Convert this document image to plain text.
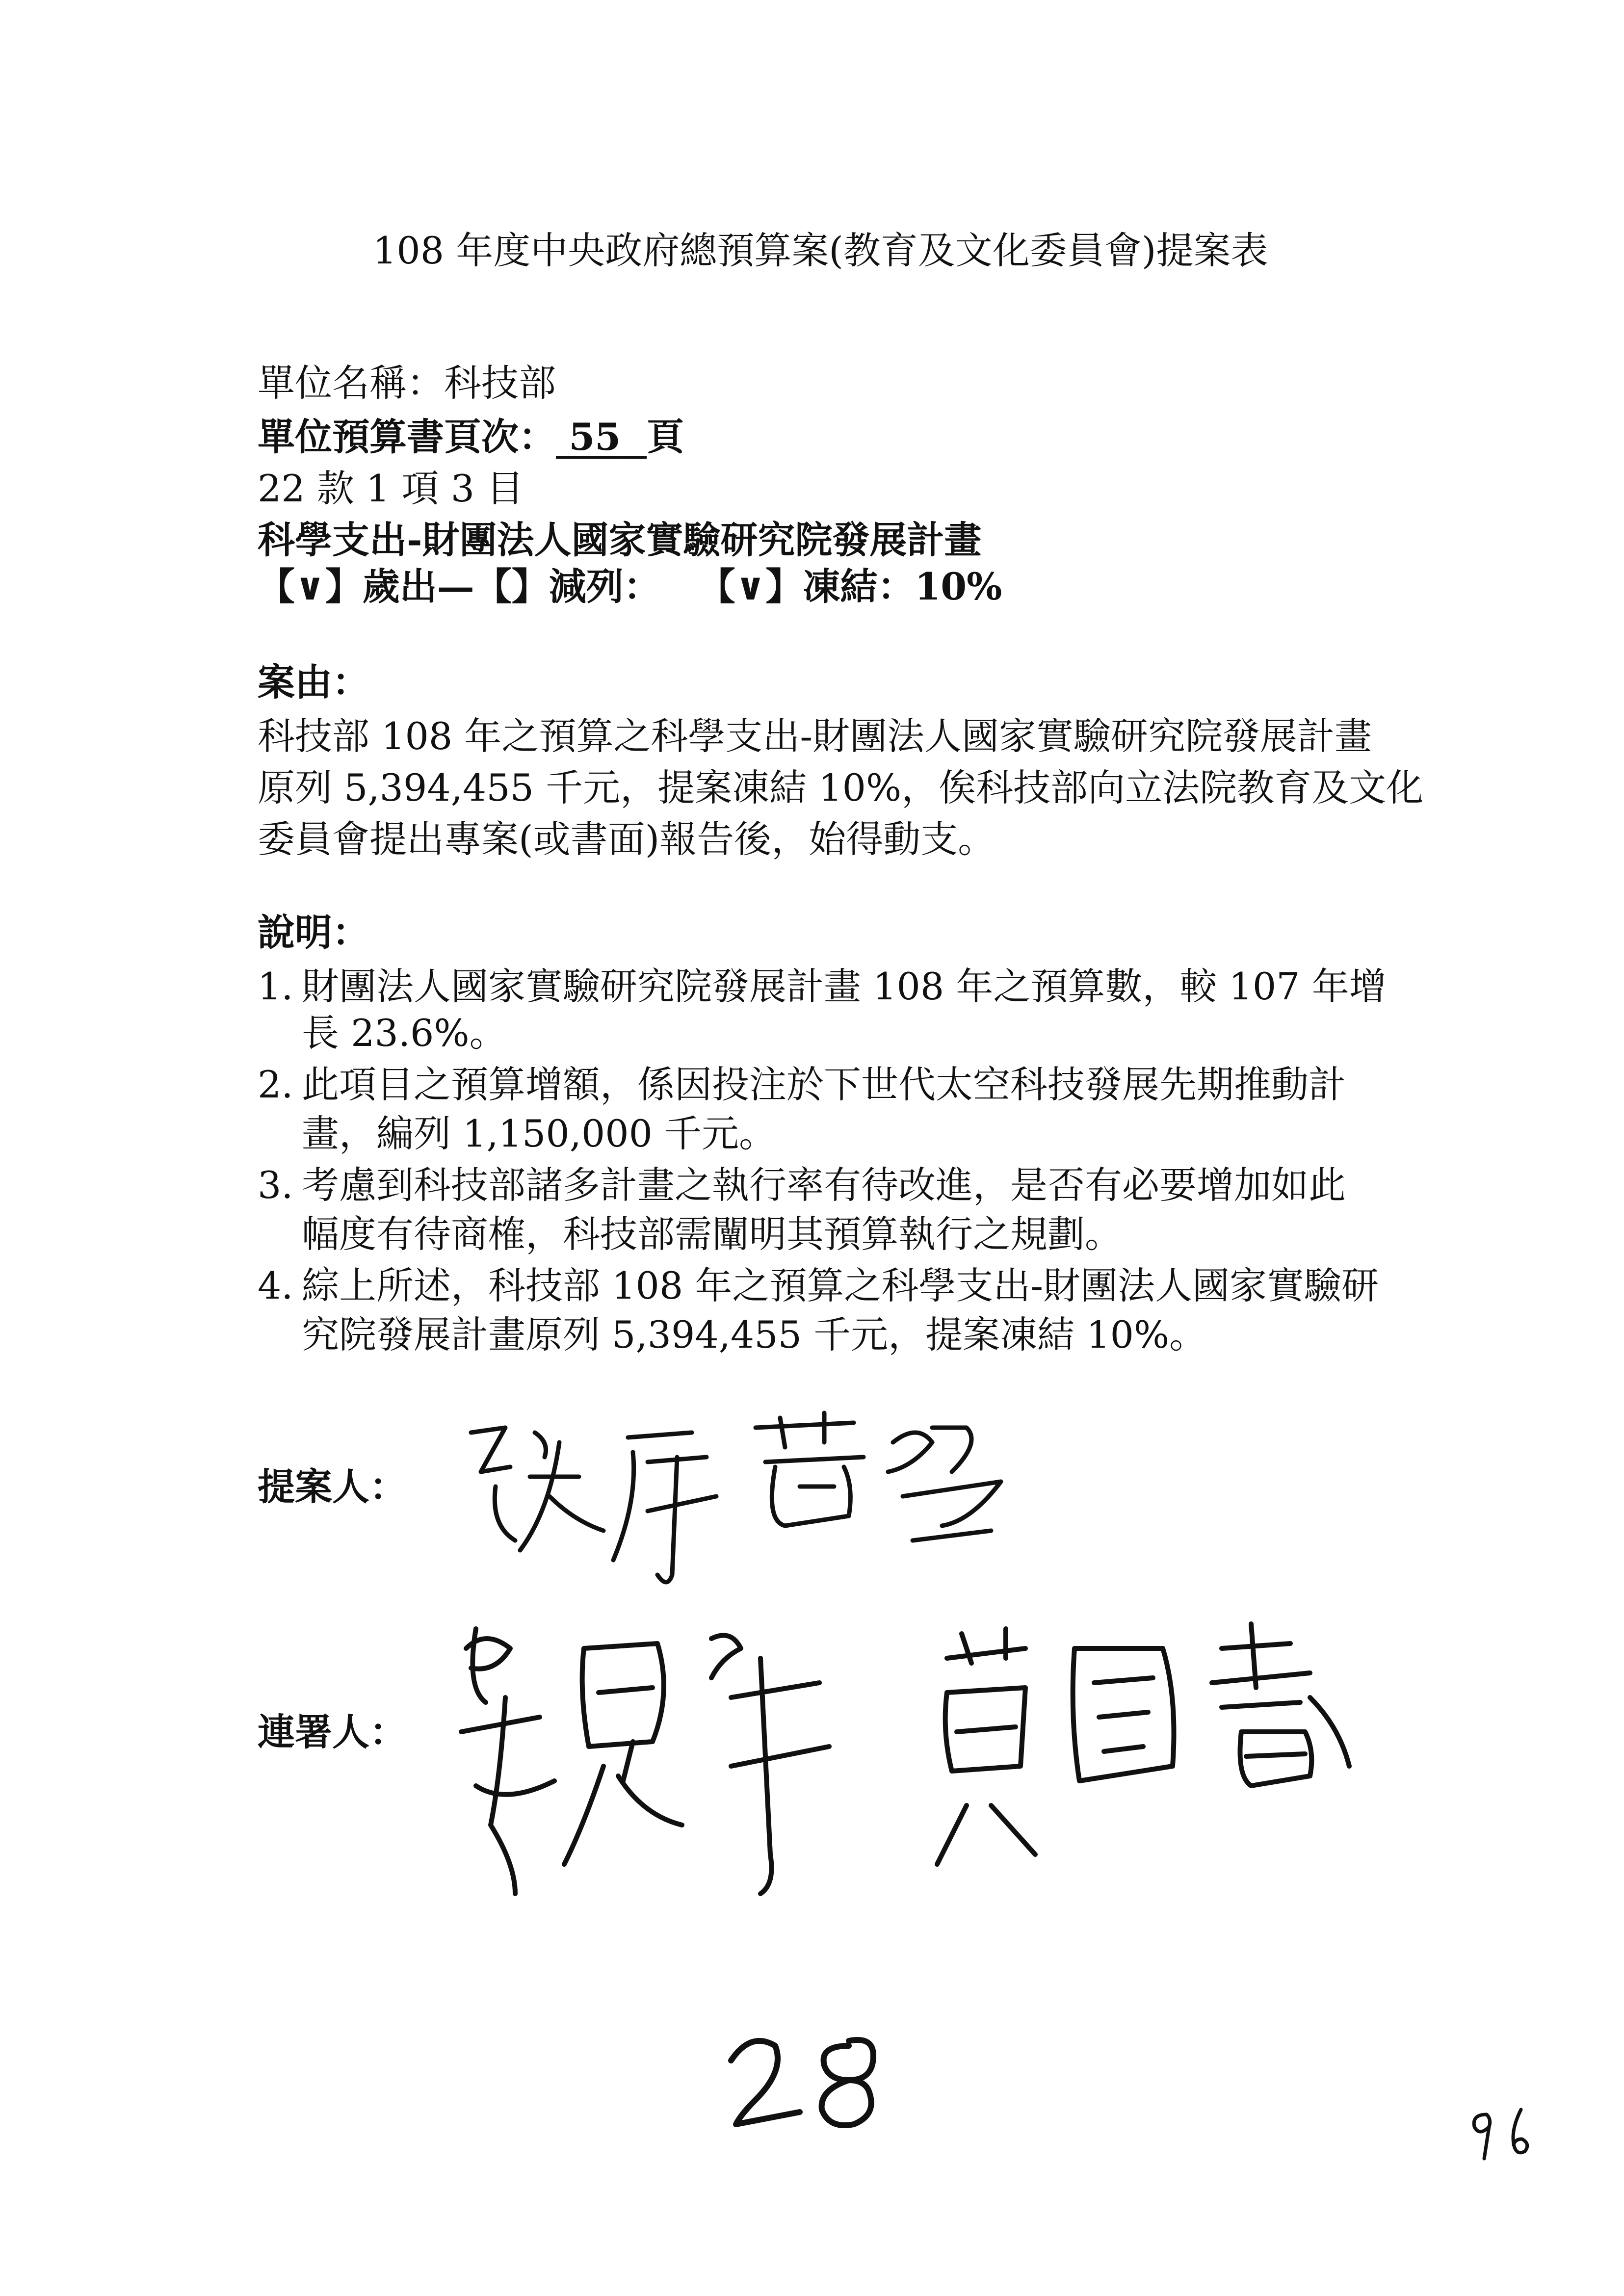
108 年度中央政府總預算案(教育及文化委員會)提案表
單位名稱：科技部
單位預算書頁次： 55 頁
22 款 1 項 3 目
科學支出-財團法人國家實驗研究院發展計畫
【∨】歲出—【】減列：　　【∨】凍結：10%
案由：
科技部 108 年之預算之科學支出-財團法人國家實驗研究院發展計畫
原列 5,394,455 千元，提案凍結 10%，俟科技部向立法院教育及文化
委員會提出專案(或書面)報告後，始得動支。
說明：
1. 財團法人國家實驗研究院發展計畫 108 年之預算數，較 107 年增
長 23.6%。
2. 此項目之預算增額，係因投注於下世代太空科技發展先期推動計
畫，編列 1,150,000 千元。
3. 考慮到科技部諸多計畫之執行率有待改進，是否有必要增加如此
幅度有待商榷，科技部需闡明其預算執行之規劃。
4. 綜上所述，科技部 108 年之預算之科學支出-財團法人國家實驗研
究院發展計畫原列 5,394,455 千元，提案凍結 10%。
提案人：
連署人：
